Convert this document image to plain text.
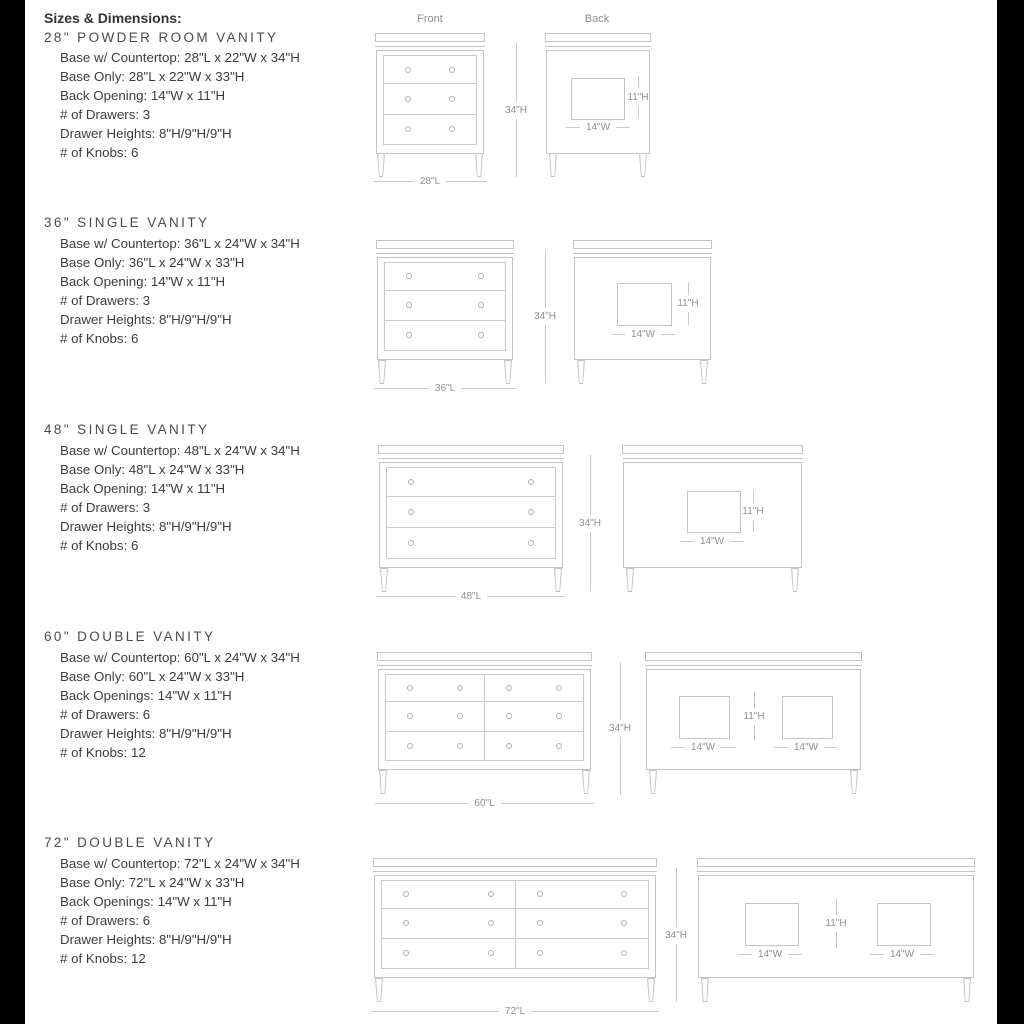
Sizes & Dimensions:	Front	Back
28" POWDER ROOM VANITY
Base w/ Countertop: 28"L x 22"W x 34"H
Base Only: 28"L x 22"W x 33"H
Back Opening: 14"W x 11"H
# of Drawers: 3
Drawer Heights: 8"H/9"H/9"H
# of Knobs: 6
34"H
28"L
11"H
14"W
36" SINGLE VANITY
Base w/ Countertop: 36"L x 24"W x 34"H
Base Only: 36"L x 24"W x 33"H
Back Opening: 14"W x 11"H
# of Drawers: 3
Drawer Heights: 8"H/9"H/9"H
# of Knobs: 6
34"H
36"L
11"H
14"W
48" SINGLE VANITY
Base w/ Countertop: 48"L x 24"W x 34"H
Base Only: 48"L x 24"W x 33"H
Back Opening: 14"W x 11"H
# of Drawers: 3
Drawer Heights: 8"H/9"H/9"H
# of Knobs: 6
34"H
48"L
11"H
14"W
60" DOUBLE VANITY
Base w/ Countertop: 60"L x 24"W x 34"H
Base Only: 60"L x 24"W x 33"H
Back Openings: 14"W x 11"H
# of Drawers: 6
Drawer Heights: 8"H/9"H/9"H
# of Knobs: 12
34"H
60"L
11"H
14"W	14"W
72" DOUBLE VANITY
Base w/ Countertop: 72"L x 24"W x 34"H
Base Only: 72"L x 24"W x 33"H
Back Openings: 14"W x 11"H
# of Drawers: 6
Drawer Heights: 8"H/9"H/9"H
# of Knobs: 12
34"H
72"L
11"H
14"W	14"W
